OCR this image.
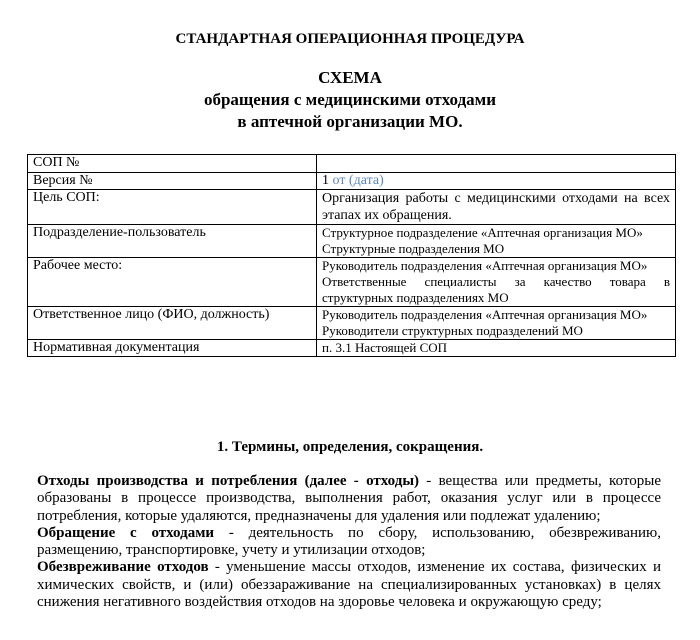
СТАНДАРТНАЯ ОПЕРАЦИОННАЯ ПРОЦЕДУРА
СХЕМА
обращения с медицинскими отходами
в аптечной организации МО.
СОП №	
Версия №	1 от (дата)
Цель СОП:	Организация работы с медицинскими отходами на всех этапах их обращения.

Подразделение-пользователь	Структурное подразделение «Аптечная организация МО»
Структурные подразделения МО

Рабочее место:	Руководитель подразделения «Аптечная организация МО»
Ответственные специалисты за качество товара в структурных подразделениях МО

Ответственное лицо (ФИО, должность)	Руководитель подразделения «Аптечная организация МО»
Руководители структурных подразделений МО

Нормативная документация	п. 3.1 Настоящей СОП
1. Термины, определения, сокращения.
Отходы производства и потребления (далее - отходы) - вещества или предметы, которые образованы в процессе производства, выполнения работ, оказания услуг или в процессе потребления, которые удаляются, предназначены для удаления или подлежат удалению;
Обращение с отходами - деятельность по сбору, использованию, обезвреживанию, размещению, транспортировке, учету и утилизации отходов;
Обезвреживание отходов - уменьшение массы отходов, изменение их состава, физических и химических свойств, и (или) обеззараживание на специализированных установках) в целях снижения негативного воздействия отходов на здоровье человека и окружающую среду;
